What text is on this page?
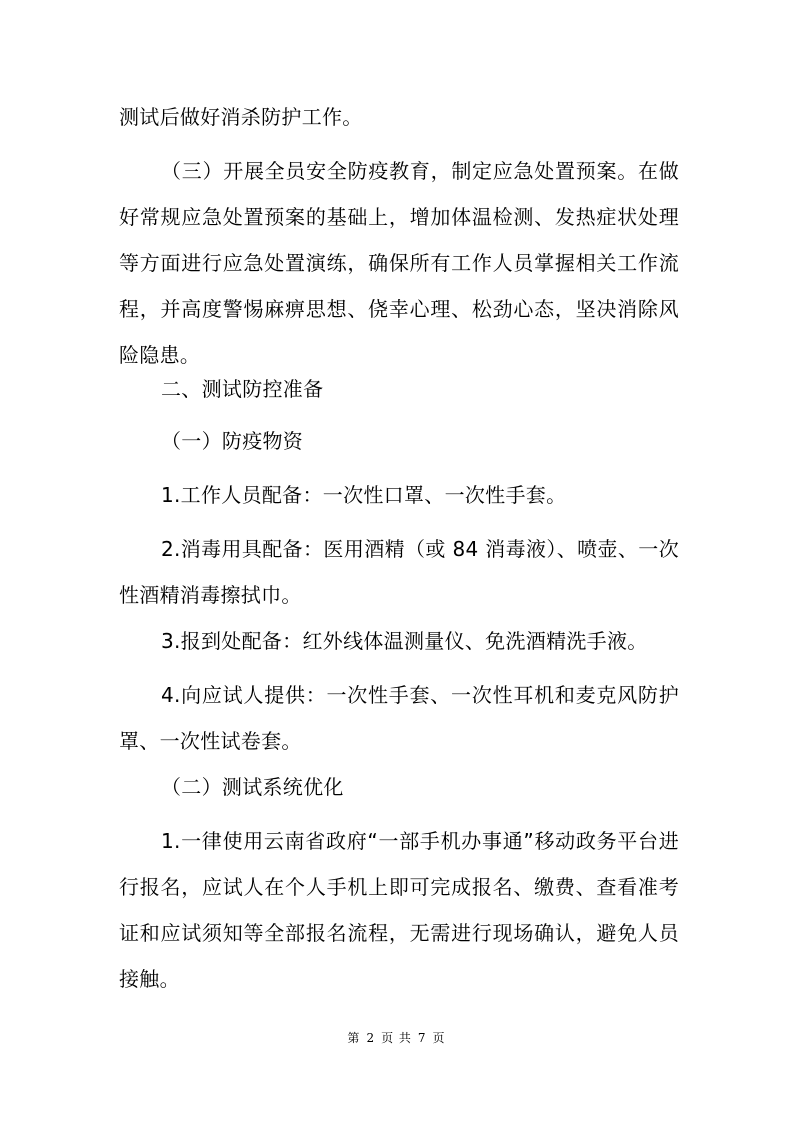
测试后做好消杀防护工作。

（三）开展全员安全防疫教育，制定应急处置预案。在做好常规应急处置预案的基础上，增加体温检测、发热症状处理等方面进行应急处置演练，确保所有工作人员掌握相关工作流程，并高度警惕麻痹思想、侥幸心理、松劲心态，坚决消除风险隐患。

二、测试防控准备

（一）防疫物资

1.工作人员配备：一次性口罩、一次性手套。

2.消毒用具配备：医用酒精（或 84 消毒液）、喷壶、一次性酒精消毒擦拭巾。

3.报到处配备：红外线体温测量仪、免洗酒精洗手液。

4.向应试人提供：一次性手套、一次性耳机和麦克风防护罩、一次性试卷套。

（二）测试系统优化

1.一律使用云南省政府“一部手机办事通”移动政务平台进行报名，应试人在个人手机上即可完成报名、缴费、查看准考证和应试须知等全部报名流程，无需进行现场确认，避免人员接触。

第 2 页 共 7 页
